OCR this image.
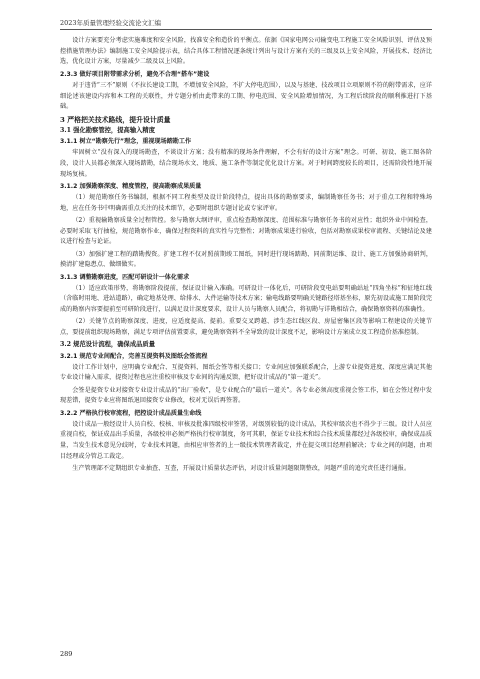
2023年质量管理经验交流论文汇编

设计方案要充分考虑实施难度和安全风险，找准安全和造价的平衡点。依据《国家电网公司输变电工程施工安全风险识别、评估及预控措施管理办法》编制施工安全风险提示表，结合具体工程情况逐条统计列出与设计方案有关的三级及以上安全风险，开展技术、经济比选，优化设计方案，尽量减少二级及以上风险。

2.3.3 做好项目附带需求分析，避免不合理“搭车”建设

对于违背“三不”原则（不拉长建设工期，不增加安全风险，不扩大停电范围），以及与基建、技改项目立项原则不符的附带需求，应详细论述该建设内容和本工程的关联性，并专题分析由此带来的工期、停电范围、安全风险增加情况，为工程后续阶段的顺利推进打下基础。

3 严格把关技术路线，提升设计质量
3.1 强化勘察管控，提高输入精度
3.1.1 树立“勘察先行”理念，重视现场踏勘工作

牢固树立“没有深入的现场勘查，不谈设计方案；没有精准的现场条件理解，不会有好的设计方案”理念。可研、初设、施工图各阶段，设计人员都必须深入现场踏勘，结合现场水文、地质、施工条件等制定优化设计方案。对于时间跨度较长的项目，还需阶段性地开展现场复核。

3.1.2 加强勘察深度、精度管控，提高勘察成果质量

（1）规范勘察任务书编制，根据不同工程类型及设计阶段特点，提出具体的勘察要求，编制勘察任务书；对于重点工程和特殊场地，应在任务书中明确需重点关注的技术细节，必要时组织专题讨论或专家评审。

（2）重视输勘察质量全过程管控。参与勘察大纲评审，重点检查勘察深度、范围标准与勘察任务书的对应性；组织外业中间检查，必要时采取飞行抽检，规范勘察作业，确保过程资料的真实性与完整性；对勘察成果进行验收，包括对勘察成果校审流程、关键结论及建议进行检查与论证。

（3）加强扩建工程的踏勘搜资。扩建工程不仅对照前期竣工图纸，同时进行现场踏勘、同前期运维、设计、施工方加强协商研判，摸清扩建隐患点、做细做实。

3.1.3 调整勘察进度，匹配可研设计一体化需求

（1）适应政策形势，将勘察阶段提前，保证设计输入准确。可研设计一体化后，可研阶段变电站要明确站址“四角坐标”和征地红线（含临时用地、进站道路），确定地基处理、给排水、大件运输等技术方案；输电线路要明确关键路径塔基坐标，原先初设或施工图阶段完成的勘察内容要提前至可研阶段进行，以满足设计深度要求，设计人员与勘察人员配合，将初勘与详勘相结合，确保勘察资料的准确性。

（2）关键节点的勘察深度、进度，应适度提高、提前。重要交叉跨越、涉生态红线区段、房屋密集区段等影响工程建设的关键节点，要提前组织现场勘察，满足专项评估前置要求，避免勘察资料不全导致的设计深度不足，影响设计方案成立及工程造价基准控制。

3.2 规范设计流程，确保成品质量
3.2.1 规范专业间配合，完善互提资料及图纸会签流程

设计工作计划中，应明确专业配合、互提资料、图纸会签等相关接口；专业间应加强联系配合，上游专业提资进度、深度应满足其他专业设计输入需求，提资过程也应注重校审核及专业间的沟通反馈，把好设计成品的“第一道关”。

会签是提资专业对接资专业设计成品的“出厂验收”，是专业配合的“最后一道关”。各专业必须高度重视会签工作，如在会签过程中发现差错，提资专业应将图纸退回接资专业修改，校对无误后再签署。

3.2.2 严格执行校审流程，把控设计成品质量生命线

设计成品一般经设计人员自校、校核、审核及批准四级校审签署，对级别较低的设计成品，其校审级次也不得少于三级。设计人员应重视自校，保证成品出手质量，各级校审必须严格执行校审制度，务可其职，保证专业技术和综合技术质量都经过各级校审，确保成品质量，当发生技术意见分歧时，专业技术问题，由相应审签者的上一级技术管理者裁定，并在提交项目经理前解决；专业之间的问题，由项目经理或分管总工裁定。

生产管理部不定期组织专业抽查、互查，开展设计质量状态评估，对设计质量问题限期整改，问题严重的追究责任进行通报。

289
